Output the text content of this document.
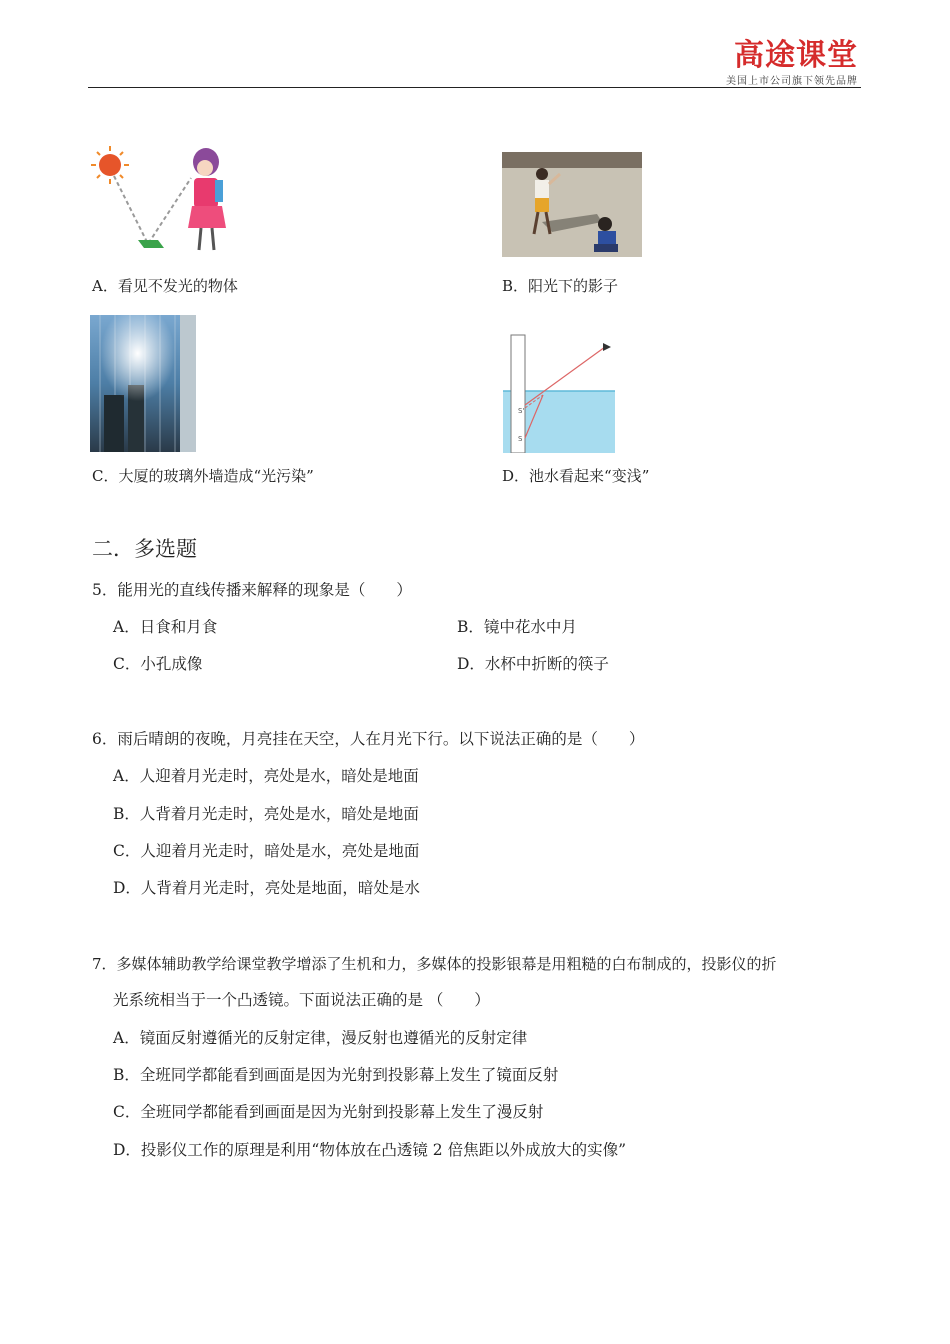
高途课堂
美国上市公司旗下领先品牌
A．看见不发光的物体	B．阳光下的影子
C．大厦的玻璃外墙造成“光污染”
S'
S
D．池水看起来“变浅”
二．多选题
5．能用光的直线传播来解释的现象是（　　）
A．日食和月食	B．镜中花水中月
C．小孔成像	D．水杯中折断的筷子
6．雨后晴朗的夜晚，月亮挂在天空，人在月光下行。以下说法正确的是（　　）
A．人迎着月光走时，亮处是水，暗处是地面
B．人背着月光走时，亮处是水，暗处是地面
C．人迎着月光走时，暗处是水，亮处是地面
D．人背着月光走时，亮处是地面，暗处是水
7．多媒体辅助教学给课堂教学增添了生机和力，多媒体的投影银幕是用粗糙的白布制成的，投影仪的折
光系统相当于一个凸透镜。下面说法正确的是 （　　）
A．镜面反射遵循光的反射定律，漫反射也遵循光的反射定律
B．全班同学都能看到画面是因为光射到投影幕上发生了镜面反射
C．全班同学都能看到画面是因为光射到投影幕上发生了漫反射
D．投影仪工作的原理是利用“物体放在凸透镜 2 倍焦距以外成放大的实像”
